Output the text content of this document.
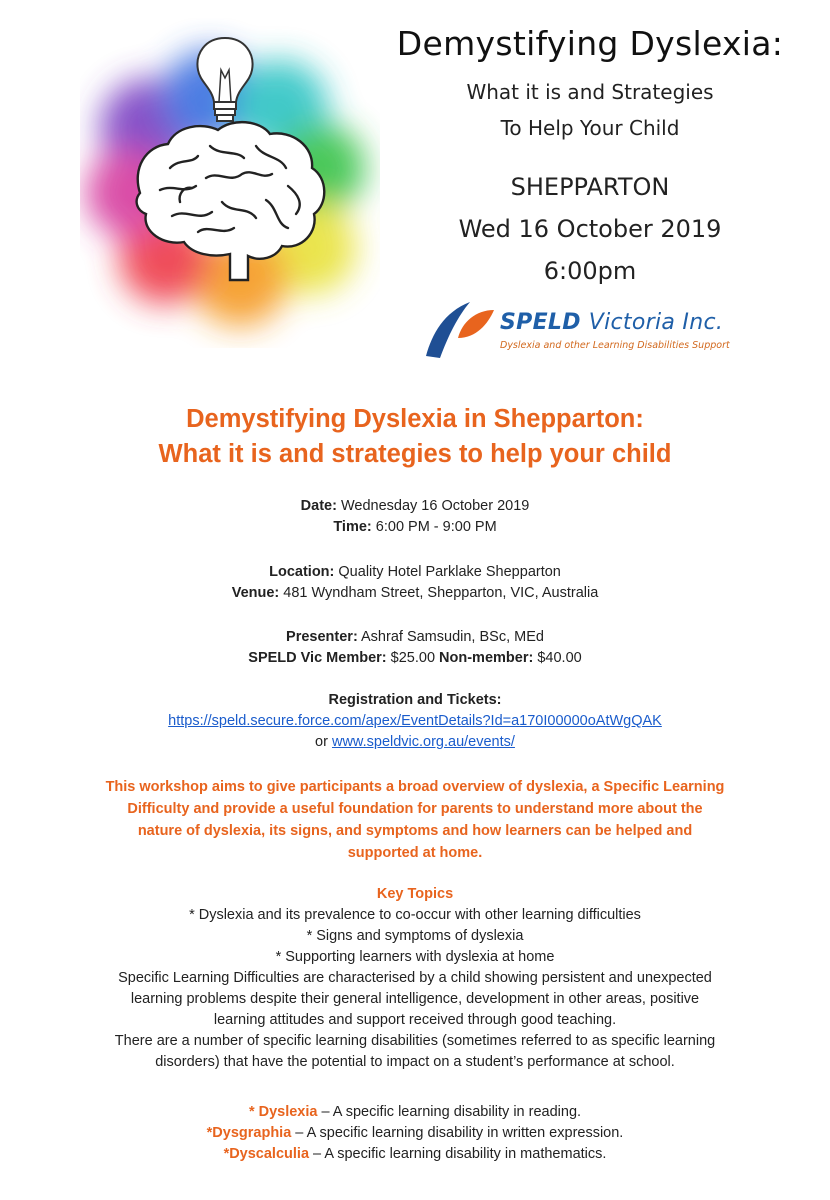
Demystifying Dyslexia:
What it is and Strategies
To Help Your Child
SHEPPARTON
Wed 16 October 2019
6:00pm
SPELD Victoria Inc.
Dyslexia and other Learning Disabilities Support
Demystifying Dyslexia in Shepparton:
What it is and strategies to help your child
Date: Wednesday 16 October 2019
Time: 6:00 PM - 9:00 PM
Location: Quality Hotel Parklake Shepparton
Venue: 481 Wyndham Street, Shepparton, VIC, Australia
Presenter: Ashraf Samsudin, BSc, MEd
SPELD Vic Member: $25.00 Non-member: $40.00
Registration and Tickets:
https://speld.secure.force.com/apex/EventDetails?Id=a170I00000oAtWgQAK
or www.speldvic.org.au/events/
This workshop aims to give participants a broad overview of dyslexia, a Specific Learning
Difficulty and provide a useful foundation for parents to understand more about the
nature of dyslexia, its signs, and symptoms and how learners can be helped and
supported at home.
Key Topics
* Dyslexia and its prevalence to co-occur with other learning difficulties
* Signs and symptoms of dyslexia
* Supporting learners with dyslexia at home
Specific Learning Difficulties are characterised by a child showing persistent and unexpected
learning problems despite their general intelligence, development in other areas, positive
learning attitudes and support received through good teaching.
There are a number of specific learning disabilities (sometimes referred to as specific learning
disorders) that have the potential to impact on a student’s performance at school.
* Dyslexia – A specific learning disability in reading.
*Dysgraphia – A specific learning disability in written expression.
*Dyscalculia – A specific learning disability in mathematics.
